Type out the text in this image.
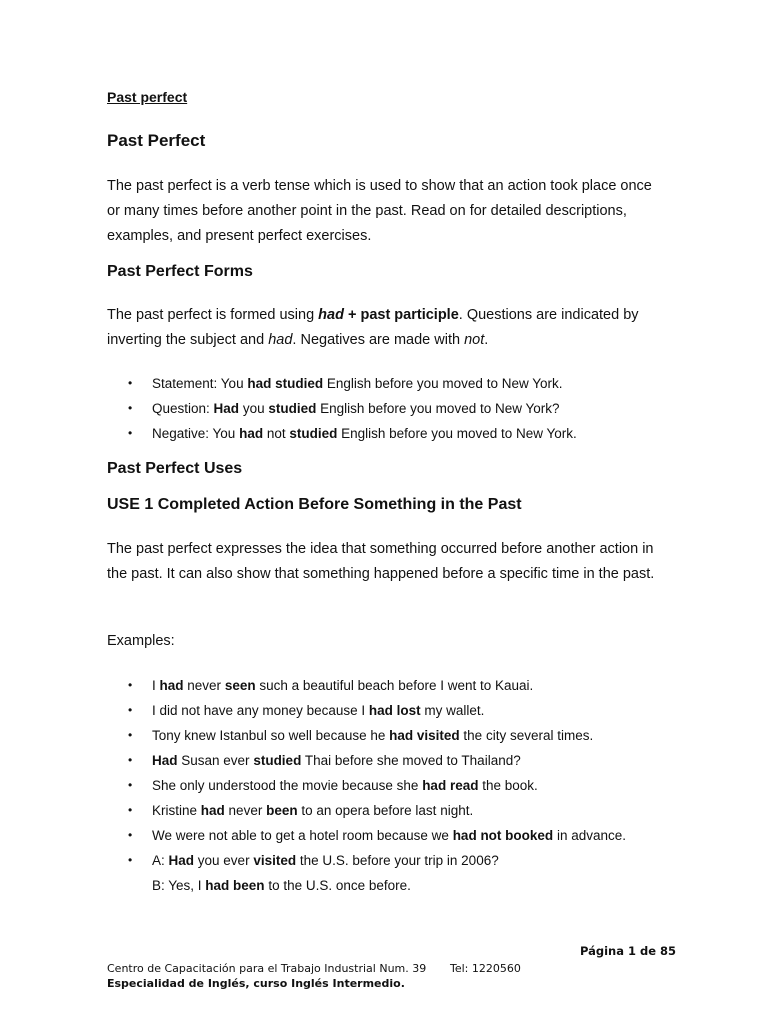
Past perfect
Past Perfect
The past perfect is a verb tense which is used to show that an action took place once or many times before another point in the past. Read on for detailed descriptions, examples, and present perfect exercises.
Past Perfect Forms
The past perfect is formed using had + past participle. Questions are indicated by inverting the subject and had. Negatives are made with not.
• Statement: You had studied English before you moved to New York.
• Question: Had you studied English before you moved to New York?
• Negative: You had not studied English before you moved to New York.
Past Perfect Uses
USE 1 Completed Action Before Something in the Past
The past perfect expresses the idea that something occurred before another action in the past. It can also show that something happened before a specific time in the past.
Examples:
• I had never seen such a beautiful beach before I went to Kauai.
• I did not have any money because I had lost my wallet.
• Tony knew Istanbul so well because he had visited the city several times.
• Had Susan ever studied Thai before she moved to Thailand?
• She only understood the movie because she had read the book.
• Kristine had never been to an opera before last night.
• We were not able to get a hotel room because we had not booked in advance.
• A: Had you ever visited the U.S. before your trip in 2006?
B: Yes, I had been to the U.S. once before.
Página 1 de 85
Centro de Capacitación para el Trabajo Industrial Num. 39 Tel: 1220560
Especialidad de Inglés, curso Inglés Intermedio.
